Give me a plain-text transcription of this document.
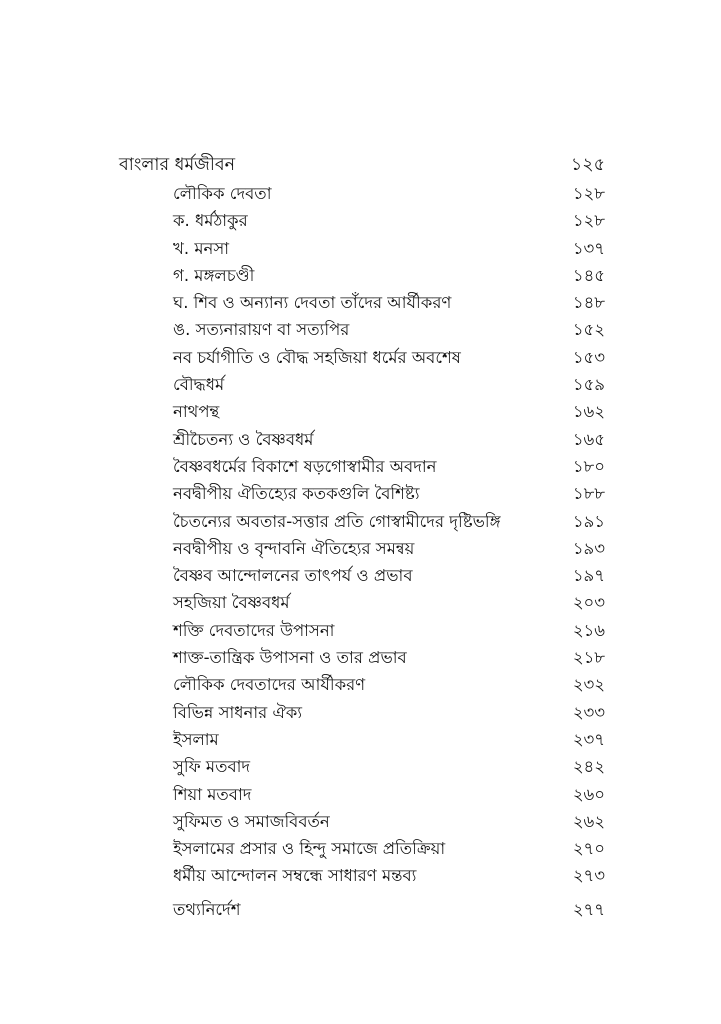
বাংলার ধর্মজীবন	১২৫
লৌকিক দেবতা	১২৮
ক. ধর্মঠাকুর	১২৮
খ. মনসা	১৩৭
গ. মঙ্গলচণ্ডী	১৪৫
ঘ. শিব ও অন্যান্য দেবতা তাঁদের আর্যীকরণ	১৪৮
ঙ. সত্যনারায়ণ বা সত্যপির	১৫২
নব চর্যাগীতি ও বৌদ্ধ সহজিয়া ধর্মের অবশেষ	১৫৩
বৌদ্ধধর্ম	১৫৯
নাথপন্থ	১৬২
শ্রীচৈতন্য ও বৈষ্ণবধর্ম	১৬৫
বৈষ্ণবধর্মের বিকাশে ষড়গোস্বামীর অবদান	১৮০
নবদ্বীপীয় ঐতিহ্যের কতকগুলি বৈশিষ্ট্য	১৮৮
চৈতন্যের অবতার-সত্তার প্রতি গোস্বামীদের দৃষ্টিভঙ্গি	১৯১
নবদ্বীপীয় ও বৃন্দাবনি ঐতিহ্যের সমন্বয়	১৯৩
বৈষ্ণব আন্দোলনের তাৎপর্য ও প্রভাব	১৯৭
সহজিয়া বৈষ্ণবধর্ম	২০৩
শক্তি দেবতাদের উপাসনা	২১৬
শাক্ত-তান্ত্রিক উপাসনা ও তার প্রভাব	২১৮
লৌকিক দেবতাদের আর্যীকরণ	২৩২
বিভিন্ন সাধনার ঐক্য	২৩৩
ইসলাম	২৩৭
সুফি মতবাদ	২৪২
শিয়া মতবাদ	২৬০
সুফিমত ও সমাজবিবর্তন	২৬২
ইসলামের প্রসার ও হিন্দু সমাজে প্রতিক্রিয়া	২৭০
ধর্মীয় আন্দোলন সম্বন্ধে সাধারণ মন্তব্য	২৭৩
তথ্যনির্দেশ	২৭৭
